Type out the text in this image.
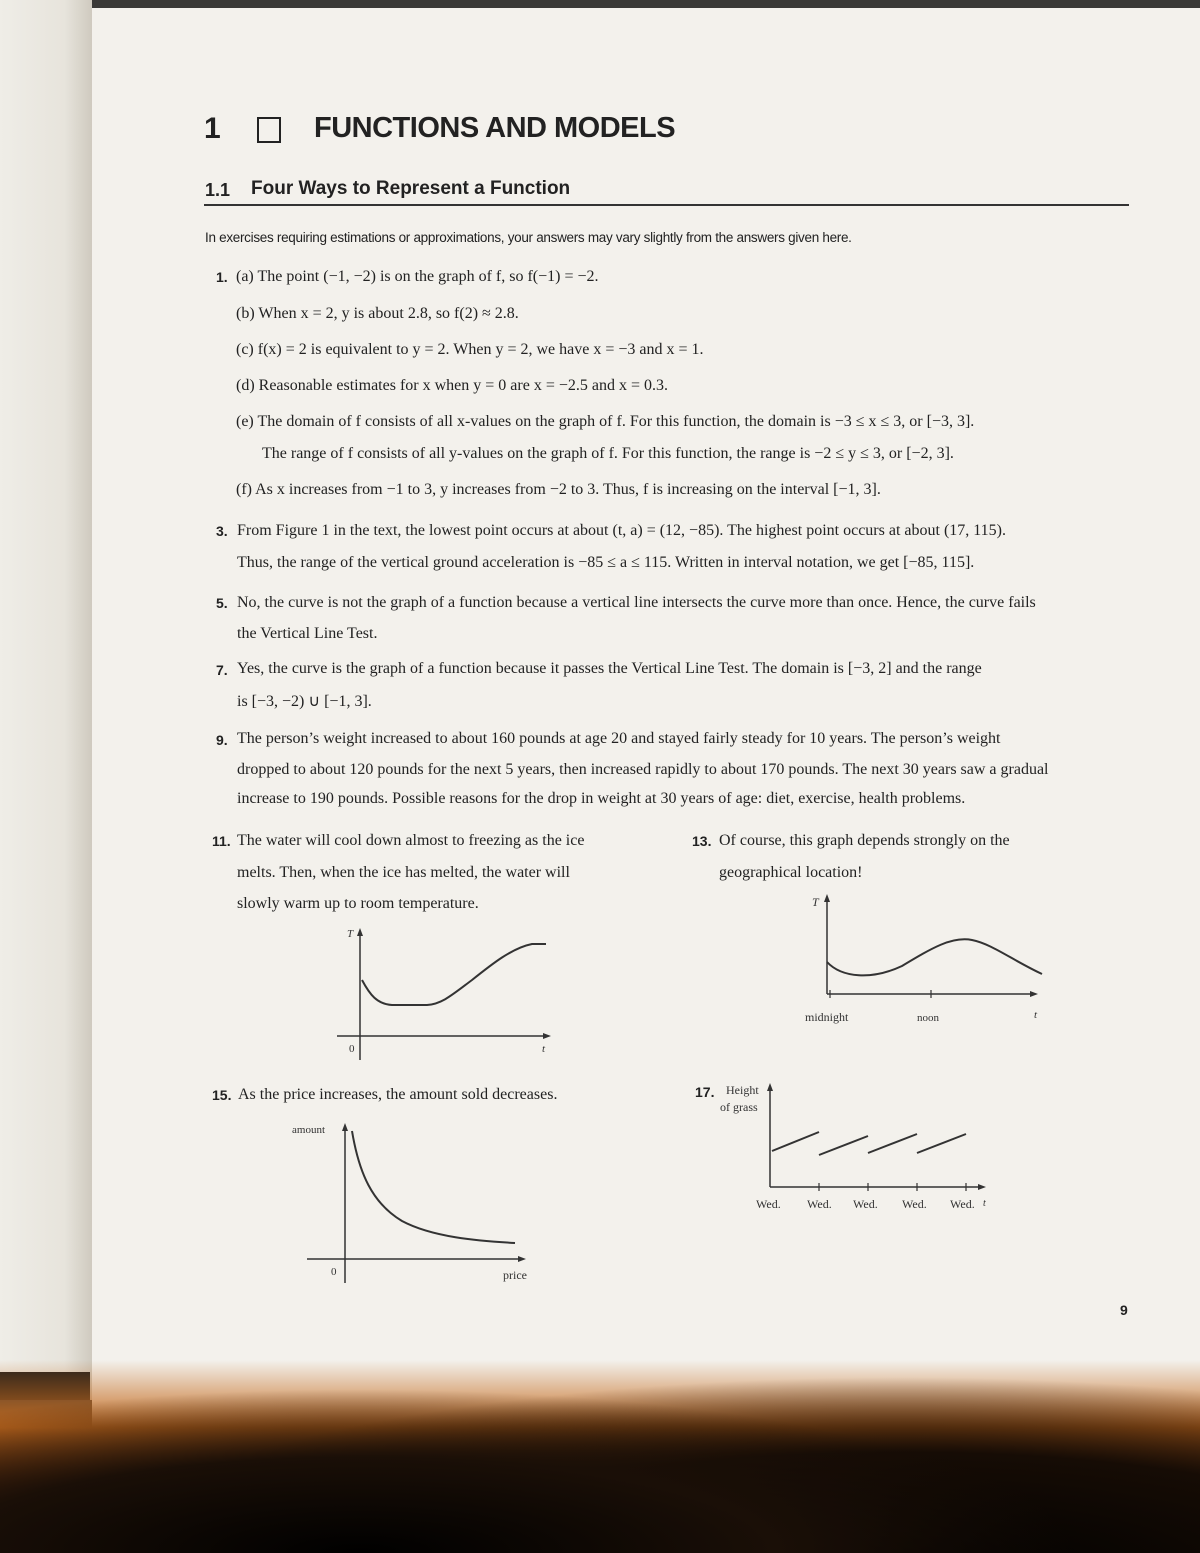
1	FUNCTIONS AND MODELS
1.1 Four Ways to Represent a Function
In exercises requiring estimations or approximations, your answers may vary slightly from the answers given here.
1. (a) The point (−1, −2) is on the graph of f, so f(−1) = −2.
(b) When x = 2, y is about 2.8, so f(2) ≈ 2.8.
(c) f(x) = 2 is equivalent to y = 2. When y = 2, we have x = −3 and x = 1.
(d) Reasonable estimates for x when y = 0 are x = −2.5 and x = 0.3.
(e) The domain of f consists of all x-values on the graph of f. For this function, the domain is −3 ≤ x ≤ 3, or [−3, 3].
The range of f consists of all y-values on the graph of f. For this function, the range is −2 ≤ y ≤ 3, or [−2, 3].
(f) As x increases from −1 to 3, y increases from −2 to 3. Thus, f is increasing on the interval [−1, 3].
3. From Figure 1 in the text, the lowest point occurs at about (t, a) = (12, −85). The highest point occurs at about (17, 115).
Thus, the range of the vertical ground acceleration is −85 ≤ a ≤ 115. Written in interval notation, we get [−85, 115].
5. No, the curve is not the graph of a function because a vertical line intersects the curve more than once. Hence, the curve fails
the Vertical Line Test.
7. Yes, the curve is the graph of a function because it passes the Vertical Line Test. The domain is [−3, 2] and the range
is [−3, −2) ∪ [−1, 3].
9. The person’s weight increased to about 160 pounds at age 20 and stayed fairly steady for 10 years. The person’s weight
dropped to about 120 pounds for the next 5 years, then increased rapidly to about 170 pounds. The next 30 years saw a gradual
increase to 190 pounds. Possible reasons for the drop in weight at 30 years of age: diet, exercise, health problems.
11. The water will cool down almost to freezing as the ice
melts. Then, when the ice has melted, the water will
slowly warm up to room temperature.
T
0	t
13. Of course, this graph depends strongly on the
geographical location!
T
midnight	noon	t
15. As the price increases, the amount sold decreases.
amount
0	price
17. Height
of grass
Wed. Wed. Wed. Wed. Wed. t
9
